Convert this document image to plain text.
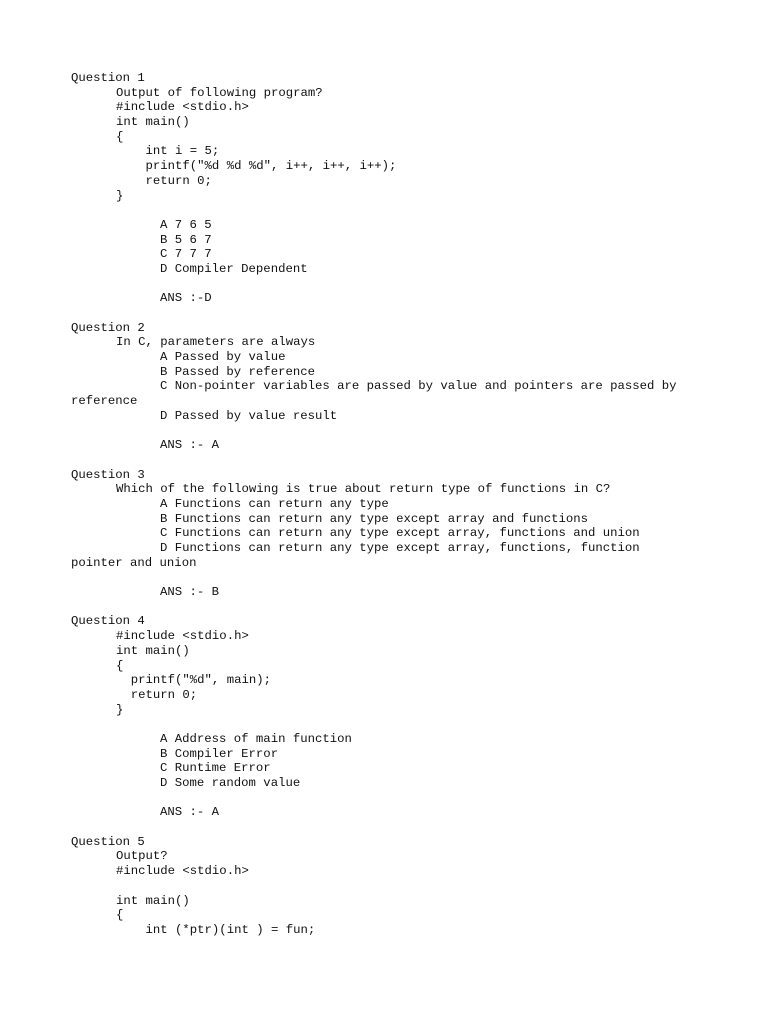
Question 1
Output of following program?
#include <stdio.h>
int main()
{
int i = 5;
printf("%d %d %d", i++, i++, i++);
return 0;
}
A 7 6 5
B 5 6 7
C 7 7 7
D Compiler Dependent
ANS :-D
Question 2
In C, parameters are always
A Passed by value
B Passed by reference
C Non-pointer variables are passed by value and pointers are passed by
reference
D Passed by value result
ANS :- A
Question 3
Which of the following is true about return type of functions in C?
A Functions can return any type
B Functions can return any type except array and functions
C Functions can return any type except array, functions and union
D Functions can return any type except array, functions, function
pointer and union
ANS :- B
Question 4
#include <stdio.h>
int main()
{
printf("%d", main);
return 0;
}
A Address of main function
B Compiler Error
C Runtime Error
D Some random value
ANS :- A
Question 5
Output?
#include <stdio.h>
int main()
{
int (*ptr)(int ) = fun;
